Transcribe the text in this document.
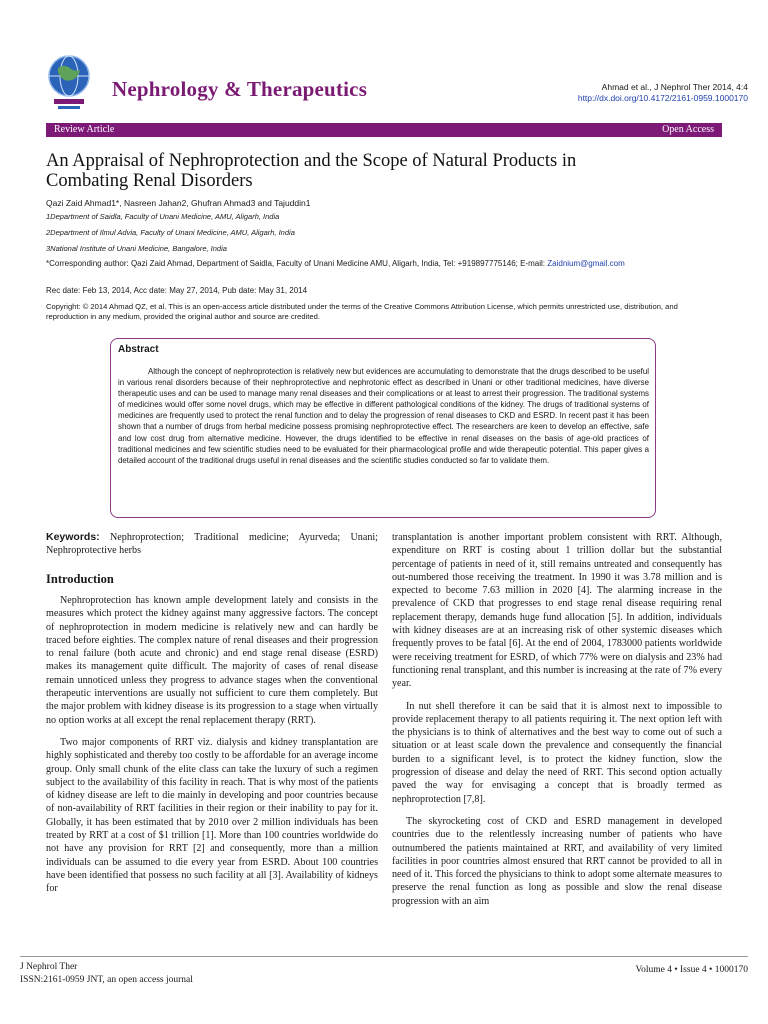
Nephrology & Therapeutics	Ahmad et al., J Nephrol Ther 2014, 4:4
http://dx.doi.org/10.4172/2161-0959.1000170
Review Article	Open Access
An Appraisal of Nephroprotection and the Scope of Natural Products in
Combating Renal Disorders
Qazi Zaid Ahmad1*, Nasreen Jahan2, Ghufran Ahmad3 and Tajuddin1
1Department of Saidla, Faculty of Unani Medicine, AMU, Aligarh, India
2Department of Ilmul Advia, Faculty of Unani Medicine, AMU, Aligarh, India
3National Institute of Unani Medicine, Bangalore, India
*Corresponding author: Qazi Zaid Ahmad, Department of Saidla, Faculty of Unani Medicine AMU, Aligarh, India, Tel: +919897775146; E-mail: Zaidnium@gmail.com
Rec date: Feb 13, 2014, Acc date: May 27, 2014, Pub date: May 31, 2014
Copyright: © 2014 Ahmad QZ, et al. This is an open-access article distributed under the terms of the Creative Commons Attribution License, which permits unrestricted use, distribution, and reproduction in any medium, provided the original author and source are credited.
Abstract
Although the concept of nephroprotection is relatively new but evidences are accumulating to demonstrate that the drugs described to be useful in various renal disorders because of their nephroprotective and nephrotonic effect as described in Unani or other traditional medicines, have diverse therapeutic uses and can be used to manage many renal diseases and their complications or at least to arrest their progression. The traditional systems of medicines would offer some novel drugs, which may be effective in different pathological conditions of the kidney. The drugs of traditional systems of medicines are frequently used to protect the renal function and to delay the progression of renal diseases to CKD and ESRD. In recent past it has been shown that a number of drugs from herbal medicine possess promising nephroprotective effect. The researchers are keen to develop an effective, safe and low cost drug from alternative medicine. However, the drugs identified to be effective in renal diseases on the basis of age-old practices of traditional medicines and few scientific studies need to be evaluated for their pharmacological profile and wide therapeutic potential. This paper gives a detailed account of the traditional drugs useful in renal diseases and the scientific studies conducted so far to validate them.
Keywords: Nephroprotection; Traditional medicine; Ayurveda; Unani; Nephroprotective herbs
Introduction

Nephroprotection has known ample development lately and consists in the measures which protect the kidney against many aggressive factors. The concept of nephroprotection in modern medicine is relatively new and can hardly be traced before eighties. The complex nature of renal diseases and their progression to renal failure (both acute and chronic) and end stage renal disease (ESRD) makes its management quite difficult. The majority of cases of renal disease remain unnoticed unless they progress to advance stages when the conventional therapeutic interventions are usually not sufficient to cure them completely. But the major problem with kidney disease is its progression to a stage when virtually no option works at all except the renal replacement therapy (RRT).

Two major components of RRT viz. dialysis and kidney transplantation are highly sophisticated and thereby too costly to be affordable for an average income group. Only small chunk of the elite class can take the luxury of such a regimen subject to the availability of this facility in reach. That is why most of the patients of kidney disease are left to die mainly in developing and poor countries because of non-availability of RRT facilities in their region or their inability to pay for it. Globally, it has been estimated that by 2010 over 2 million individuals has been treated by RRT at a cost of $1 trillion [1]. More than 100 countries worldwide do not have any provision for RRT [2] and consequently, more than a million individuals can be assumed to die every year from ESRD. About 100 countries have been identified that possess no such facility at all [3]. Availability of kidneys for

transplantation is another important problem consistent with RRT. Although, expenditure on RRT is costing about 1 trillion dollar but the substantial percentage of patients in need of it, still remains untreated and consequently has out-numbered those receiving the treatment. In 1990 it was 3.78 million and is expected to become 7.63 million in 2020 [4]. The alarming increase in the prevalence of CKD that progresses to end stage renal disease requiring renal replacement therapy, demands huge fund allocation [5]. In addition, individuals with kidney diseases are at an increasing risk of other systemic diseases which frequently proves to be fatal [6]. At the end of 2004, 1783000 patients worldwide were receiving treatment for ESRD, of which 77% were on dialysis and 23% had functioning renal transplant, and this number is increasing at the rate of 7% every year.

In nut shell therefore it can be said that it is almost next to impossible to provide replacement therapy to all patients requiring it. The next option left with the physicians is to think of alternatives and the best way to come out of such a situation or at least scale down the prevalence and consequently the financial burden to a significant level, is to protect the kidney function, slow the progression of disease and delay the need of RRT. This second option actually paved the way for envisaging a concept that is broadly termed as nephroprotection [7,8].

The skyrocketing cost of CKD and ESRD management in developed countries due to the relentlessly increasing number of patients who have outnumbered the patients maintained at RRT, and availability of very limited facilities in poor countries almost ensured that RRT cannot be provided to all in need of it. This forced the physicians to think to adopt some alternate measures to preserve the renal function as long as possible and slow the renal disease progression with an aim

J Nephrol Ther
ISSN:2161-0959 JNT, an open access journal
Volume 4 • Issue 4 • 1000170
